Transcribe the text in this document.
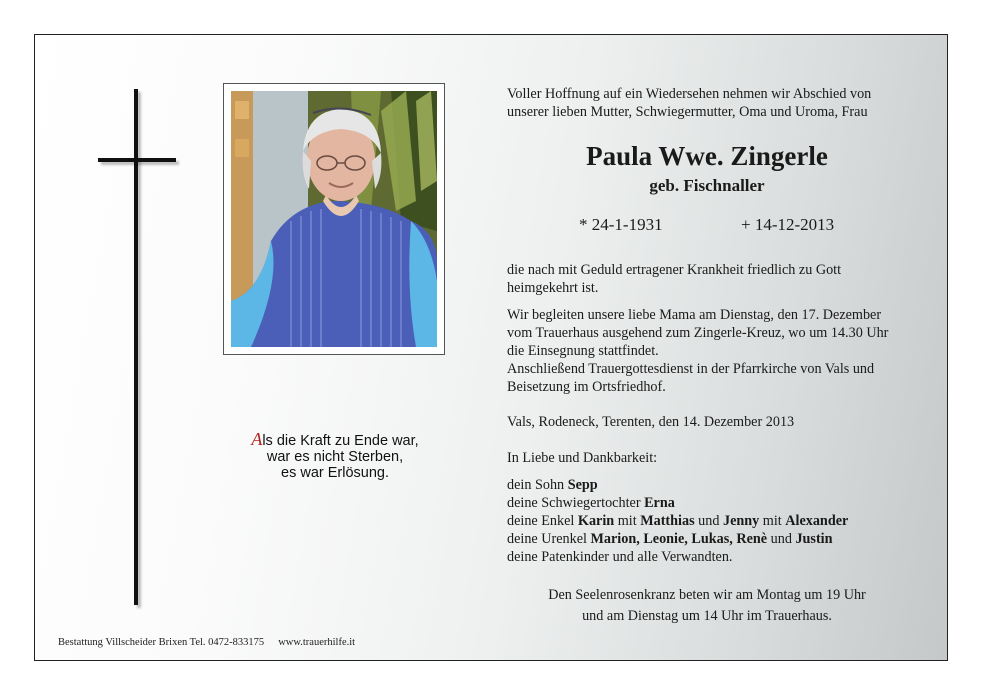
Als die Kraft zu Ende war,
war es nicht Sterben,
es war Erlösung.
Voller Hoffnung auf ein Wiedersehen nehmen wir Abschied von
unserer lieben Mutter, Schwiegermutter, Oma und Uroma, Frau
Paula Wwe. Zingerle
geb. Fischnaller
* 24-1-1931	+ 14-12-2013
die nach mit Geduld ertragener Krankheit friedlich zu Gott
heimgekehrt ist.
Wir begleiten unsere liebe Mama am Dienstag, den 17. Dezember
vom Trauerhaus ausgehend zum Zingerle-Kreuz, wo um 14.30 Uhr
die Einsegnung stattfindet.
Anschließend Trauergottesdienst in der Pfarrkirche von Vals und
Beisetzung im Ortsfriedhof.
Vals, Rodeneck, Terenten, den 14. Dezember 2013
In Liebe und Dankbarkeit:
dein Sohn Sepp
deine Schwiegertochter Erna
deine Enkel Karin mit Matthias und Jenny mit Alexander
deine Urenkel Marion, Leonie, Lukas, Renè und Justin
deine Patenkinder und alle Verwandten.
Den Seelenrosenkranz beten wir am Montag um 19 Uhr
und am Dienstag um 14 Uhr im Trauerhaus.
Bestattung Villscheider Brixen Tel. 0472-833175 www.trauerhilfe.it
